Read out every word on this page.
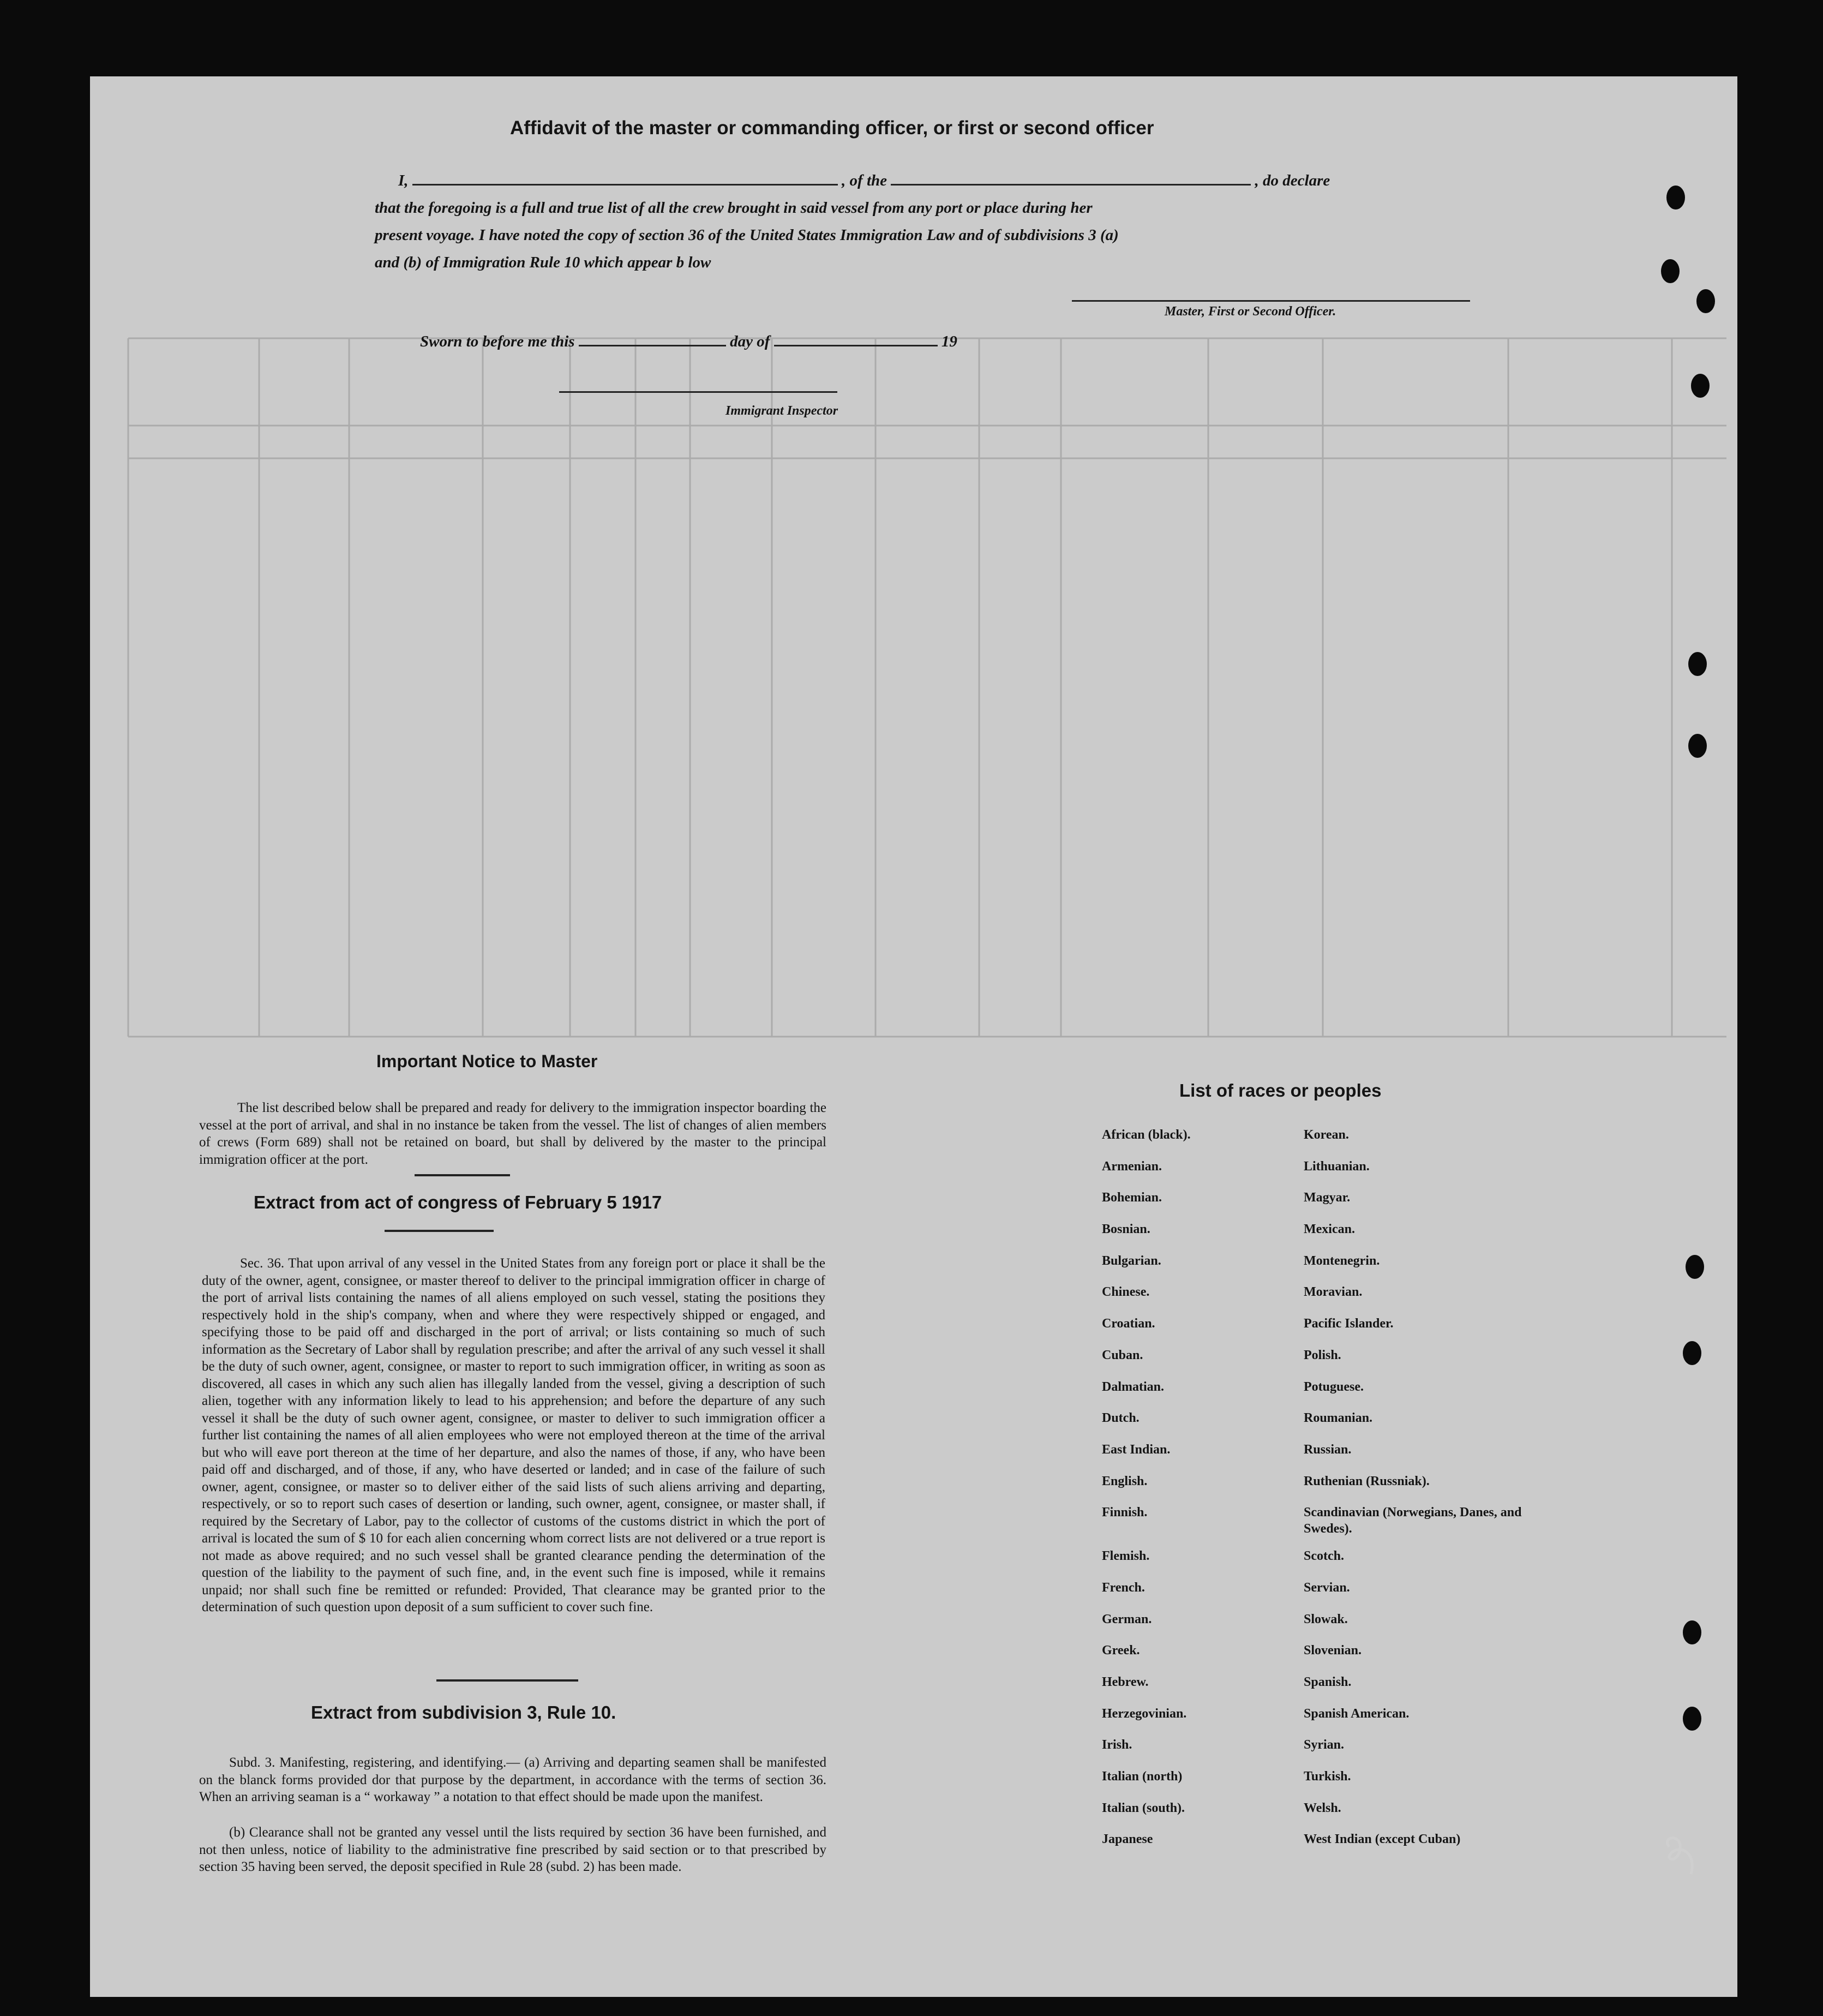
Affidavit of the master or commanding officer, or first or second officer
I,	, of the	, do declare
that the foregoing is a full and true list of all the crew brought in said vessel from any port or place during her
present voyage. I have noted the copy of section 36 of the United States Immigration Law and of subdivisions 3 (a)
and (b) of Immigration Rule 10 which appear b low
Master, First or Second Officer.
Sworn to before me this	day of	19
Immigrant Inspector
Important Notice to Master
The list described below shall be prepared and ready for delivery to the immigration inspector boarding the vessel at the port of arrival, and shal in no instance be taken from the vessel. The list of changes of alien members of crews (Form 689) shall not be retained on board, but shall by delivered by the master to the principal immigration officer at the port.
Extract from act of congress of February 5 1917
Sec. 36. That upon arrival of any vessel in the United States from any foreign port or place it shall be the duty of the owner, agent, consignee, or master thereof to deliver to the principal immigration officer in charge of the port of arrival lists containing the names of all aliens employed on such vessel, stating the positions they respectively hold in the ship's company, when and where they were respectively shipped or engaged, and specifying those to be paid off and discharged in the port of arrival; or lists containing so much of such information as the Secretary of Labor shall by regulation prescribe; and after the arrival of any such vessel it shall be the duty of such owner, agent, consignee, or master to report to such immigration officer, in writing as soon as discovered, all cases in which any such alien has illegally landed from the vessel, giving a description of such alien, together with any information likely to lead to his apprehension; and before the departure of any such vessel it shall be the duty of such owner agent, consignee, or master to deliver to such immigration officer a further list containing the names of all alien employees who were not employed thereon at the time of the arrival but who will eave port thereon at the time of her departure, and also the names of those, if any, who have been paid off and discharged, and of those, if any, who have deserted or landed; and in case of the failure of such owner, agent, consignee, or master so to deliver either of the said lists of such aliens arriving and departing, respectively, or so to report such cases of desertion or landing, such owner, agent, consignee, or master shall, if required by the Secretary of Labor, pay to the collector of customs of the customs district in which the port of arrival is located the sum of $ 10 for each alien concerning whom correct lists are not delivered or a true report is not made as above required; and no such vessel shall be granted clearance pending the determination of the question of the liability to the payment of such fine, and, in the event such fine is imposed, while it remains unpaid; nor shall such fine be remitted or refunded: Provided, That clearance may be granted prior to the determination of such question upon deposit of a sum sufficient to cover such fine.
Extract from subdivision 3, Rule 10.
Subd. 3. Manifesting, registering, and identifying.— (a) Arriving and departing seamen shall be manifested on the blanck forms provided dor that purpose by the department, in accordance with the terms of section 36. When an arriving seaman is a “ workaway ” a notation to that effect should be made upon the manifest.
(b) Clearance shall not be granted any vessel until the lists required by section 36 have been furnished, and not then unless, notice of liability to the administrative fine prescribed by said section or to that prescribed by section 35 having been served, the deposit specified in Rule 28 (subd. 2) has been made.
List of races or peoples
African (black).
Armenian.
Bohemian.
Bosnian.
Bulgarian.
Chinese.
Croatian.
Cuban.
Dalmatian.
Dutch.
East Indian.
English.
Finnish.
Flemish.
French.
German.
Greek.
Hebrew.
Herzegovinian.
Irish.
Italian (north)
Italian (south).
Japanese
Korean.
Lithuanian.
Magyar.
Mexican.
Montenegrin.
Moravian.
Pacific Islander.
Polish.
Potuguese.
Roumanian.
Russian.
Ruthenian (Russniak).
Scandinavian (Norwegians, Danes, and Swedes).
Scotch.
Servian.
Slowak.
Slovenian.
Spanish.
Spanish American.
Syrian.
Turkish.
Welsh.
West Indian (except Cuban)
